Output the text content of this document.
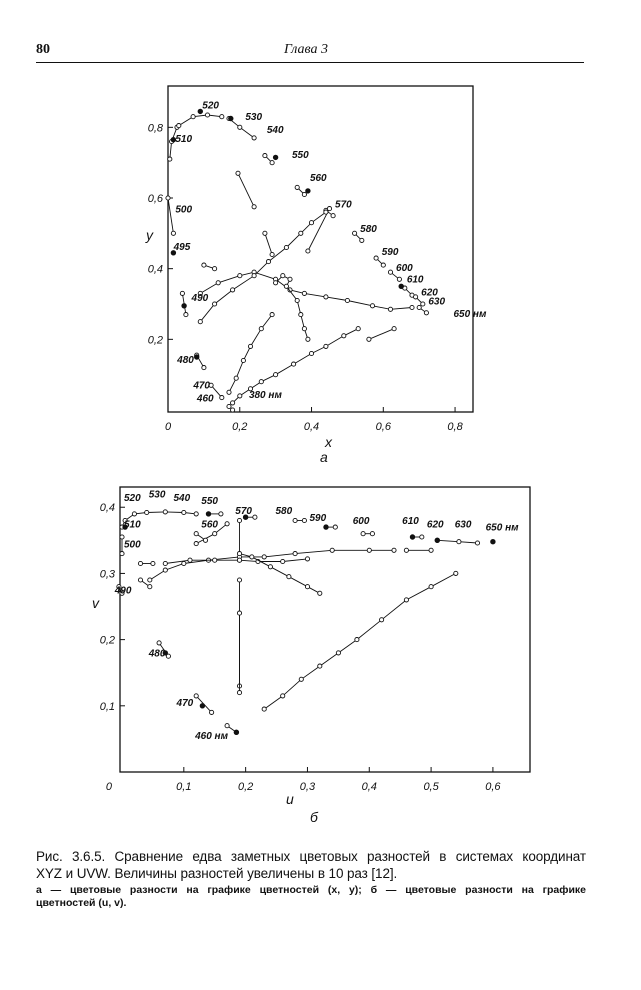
80	Глава 3
0	0,2	0,4	0,6	0,8
0,2
0,4
0,6
0,8
x
y
а
520
530
540
550
560
570
580
590
600
610
620
630
650 нм
510
500
495
490
480
470
460	380 нм
0,1	0,2	0,3	0,4	0,5	0,6
0,1
0,2
0,3
0,4
0
u
v
б
520 530 540 550
560
570 580
590	600	610 620 630 650 нм
510
500
490
480
470
460 нм
Рис. 3.6.5. Сравнение едва заметных цветовых разностей в системах координат
XYZ и UVW. Величины разностей увеличены в 10 раз [12].
а — цветовые разности на графике цветностей (x, y); б — цветовые разности на графике
цветностей (u, v).
